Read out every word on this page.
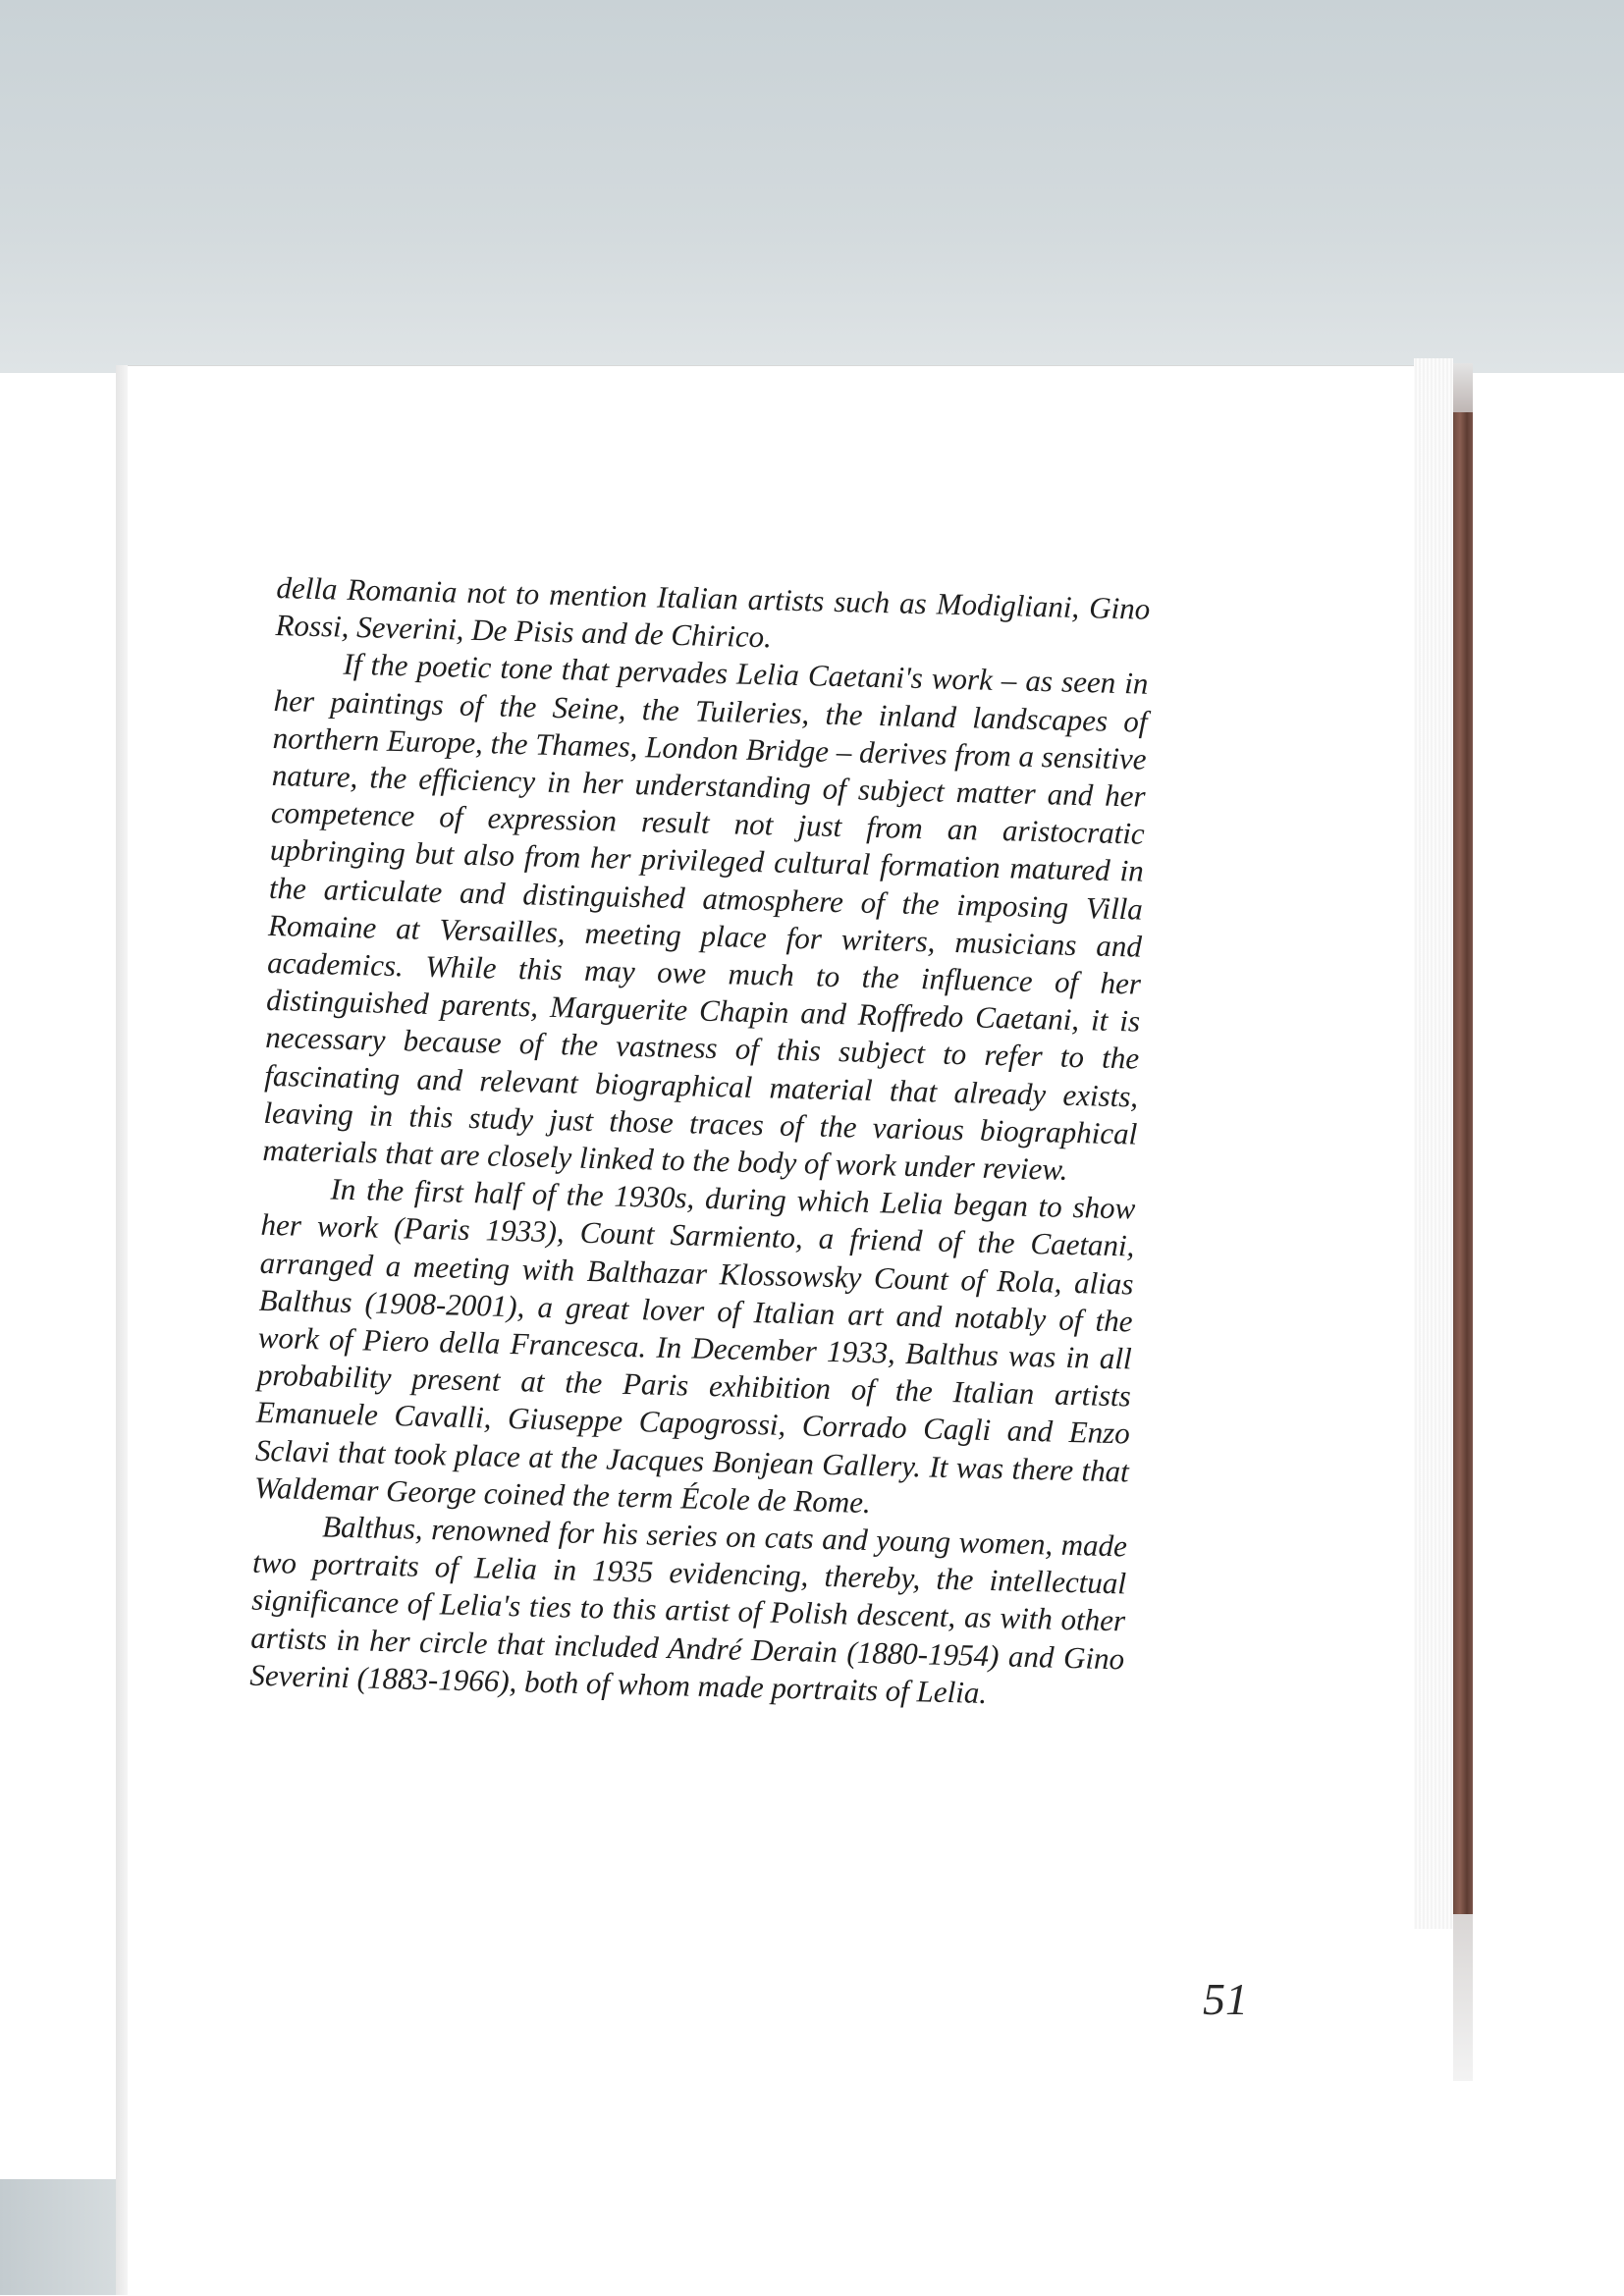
della Romania not to mention Italian artists such as Modigliani, Gino Rossi, Severini, De Pisis and de Chirico.

If the poetic tone that pervades Lelia Caetani's work – as seen in her paintings of the Seine, the Tuileries, the inland landscapes of northern Europe, the Thames, London Bridge – derives from a sensitive nature, the efficiency in her understanding of subject matter and her competence of expression result not just from an aristocratic upbringing but also from her privileged cultural formation matured in the articulate and distinguished atmosphere of the imposing Villa Romaine at Versailles, meeting place for writers, musicians and academics. While this may owe much to the influence of her distinguished parents, Marguerite Chapin and Roffredo Caetani, it is necessary because of the vastness of this subject to refer to the fascinating and relevant biographical material that already exists, leaving in this study just those traces of the various biographical materials that are closely linked to the body of work under review.

In the first half of the 1930s, during which Lelia began to show her work (Paris 1933), Count Sarmiento, a friend of the Caetani, arranged a meeting with Balthazar Klossowsky Count of Rola, alias Balthus (1908-2001), a great lover of Italian art and notably of the work of Piero della Francesca. In December 1933, Balthus was in all probability present at the Paris exhibition of the Italian artists Emanuele Cavalli, Giuseppe Capogrossi, Corrado Cagli and Enzo Sclavi that took place at the Jacques Bonjean Gallery. It was there that Waldemar George coined the term École de Rome.

Balthus, renowned for his series on cats and young women, made two portraits of Lelia in 1935 evidencing, thereby, the intellectual significance of Lelia's ties to this artist of Polish descent, as with other artists in her circle that included André Derain (1880-1954) and Gino Severini (1883-1966), both of whom made portraits of Lelia.

51
